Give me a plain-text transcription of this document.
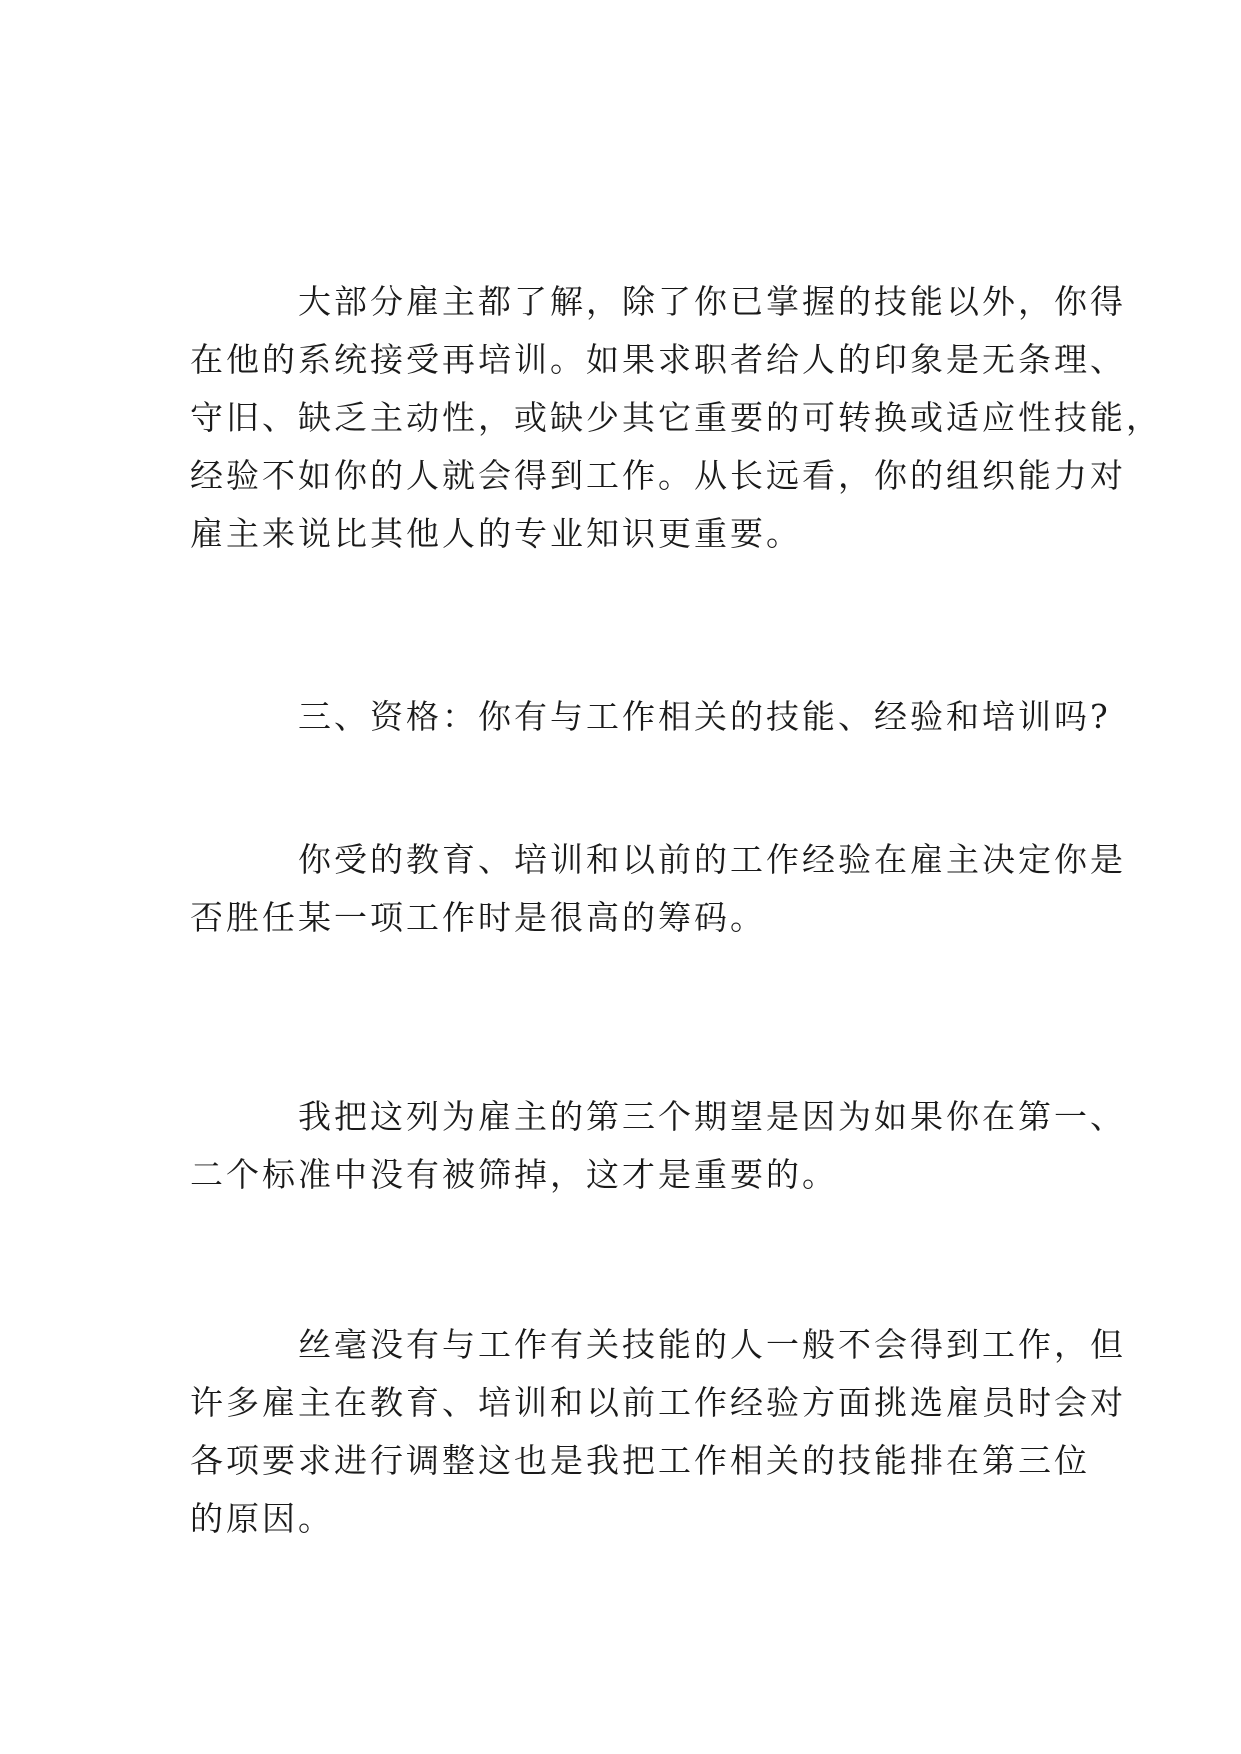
大部分雇主都了解，除了你已掌握的技能以外，你得
在他的系统接受再培训。如果求职者给人的印象是无条理、
守旧、缺乏主动性，或缺少其它重要的可转换或适应性技能，
经验不如你的人就会得到工作。从长远看，你的组织能力对
雇主来说比其他人的专业知识更重要。
三、资格：你有与工作相关的技能、经验和培训吗?
你受的教育、培训和以前的工作经验在雇主决定你是
否胜任某一项工作时是很高的筹码。
我把这列为雇主的第三个期望是因为如果你在第一、
二个标准中没有被筛掉，这才是重要的。
丝毫没有与工作有关技能的人一般不会得到工作，但
许多雇主在教育、培训和以前工作经验方面挑选雇员时会对
各项要求进行调整这也是我把工作相关的技能排在第三位
的原因。
